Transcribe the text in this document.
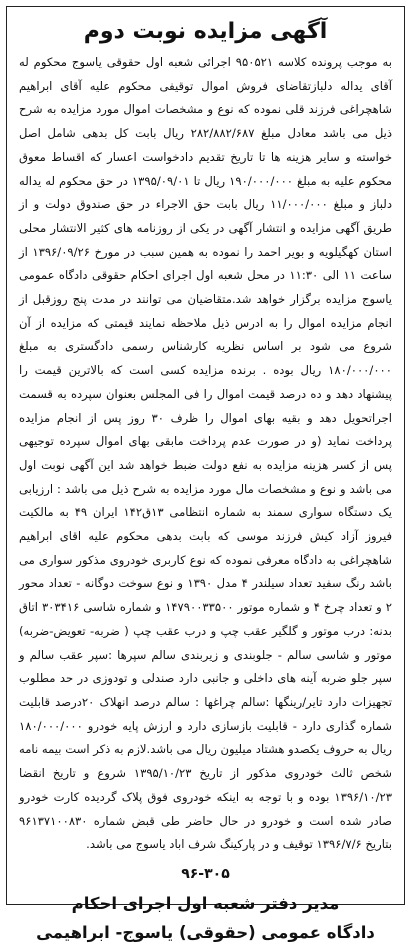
آگهی مزایده نوبت دوم

به موجب پرونده کلاسه ۹۵۰۵۲۱ اجرائی شعبه اول حقوقی یاسوج محکوم له آقای یداله دلبازتقاضای فروش اموال توقیفی محکوم علیه آقای ابراهیم شاهچراغی فرزند قلی نموده که نوع و مشخصات اموال مورد مزایده به شرح ذیل می باشد معادل مبلغ ۲۸۲/۸۸۲/۶۸۷ ریال بابت کل بدهی شامل اصل خواسته و سایر هزینه ها تا تاریخ تقدیم دادخواست اعسار که اقساط معوق محکوم علیه به مبلغ ۱۹۰/۰۰۰/۰۰۰ ریال تا ۱۳۹۵/۰۹/۰۱ در حق محکوم له یداله دلباز و مبلغ ۱۱/۰۰۰/۰۰۰ ریال بابت حق الاجراء در حق صندوق دولت و از طریق آگهی مزایده و انتشار آگهی در یکی از روزنامه های کثیر الانتشار محلی استان کهگیلویه و بویر احمد را نموده به همین سبب در مورخ ۱۳۹۶/۰۹/۲۶ از ساعت ۱۱ الی ۱۱:۳۰ در محل شعبه اول اجرای احکام حقوقی دادگاه عمومی یاسوج مزایده برگزار خواهد شد.متقاضیان می توانند در مدت پنج روزقبل از انجام مزایده اموال را به ادرس ذیل ملاحظه نمایند قیمتی که مزایده از آن شروع می شود بر اساس نظریه کارشناس رسمی دادگستری به مبلغ ۱۸۰/۰۰۰/۰۰۰ ریال بوده . برنده مزایده کسی است که بالاترین قیمت را پیشنهاد دهد و ده درصد قیمت اموال را فی المجلس بعنوان سپرده به قسمت اجراتحویل دهد و بقیه بهای اموال را ظرف ۳۰ روز پس از انجام مزایده پرداخت نماید (و در صورت عدم پرداخت مابقی بهای اموال سپرده توجیهی پس از کسر هزینه مزایده به نفع دولت ضبط خواهد شد این آگهی نوبت اول می باشد و نوع و مشخصات مال مورد مزایده به شرح ذیل می باشد : ارزیابی یک دستگاه سواری سمند به شماره انتظامی ۱۳ق۱۴۲ ایران ۴۹ به مالکیت فیروز آزاد کیش فرزند موسی که بابت بدهی محکوم علیه اقای ابراهیم شاهچراغی به دادگاه معرفی نموده که نوع کاربری خودروی مذکور سواری می باشد رنگ سفید تعداد سیلندر ۴ مدل ۱۳۹۰ و نوع سوخت دوگانه - تعداد محور ۲ و تعداد چرخ ۴ و شماره موتور ۱۴۷۹۰۰۳۳۵۰۰ و شماره شاسی ۳۰۳۴۱۶ اتاق بدنه: درب موتور و گلگیر عقب چپ و درب عقب چپ ( ضربه- تعویض-ضربه) موتور و شاسی سالم - جلوبندی و زیربندی سالم سپرها :سپر عقب سالم و سپر جلو ضربه آینه های داخلی و جانبی دارد صندلی و تودوزی در حد مطلوب تجهیزات دارد تایر/رینگها :سالم چراغها : سالم درصد انهلاک ۲۰درصد قابلیت شماره گذاری دارد - قابلیت بازسازی دارد و ارزش پایه خودرو ۱۸۰/۰۰۰/۰۰۰ ریال به حروف یکصدو هشتاد میلیون ریال می باشد.لازم به ذکر است بیمه نامه شخص ثالث خودروی مذکور از تاریخ ۱۳۹۵/۱۰/۲۳ شروع و تاریخ انقضا ۱۳۹۶/۱۰/۲۳ بوده و با توجه به اینکه خودروی فوق پلاک گردیده کارت خودرو صادر شده است و خودرو در حال حاضر طی قبض شماره ۹۶۱۳۷۱۰۰۸۳۰ بتاریخ ۱۳۹۶/۷/۶ توقیف و در پارکینگ شرف اباد یاسوج می باشد.

۹۶-۳۰۵
مدیر دفتر شعبه اول اجرای احکام
دادگاه عمومی (حقوقی) یاسوج- ابراهیمی
